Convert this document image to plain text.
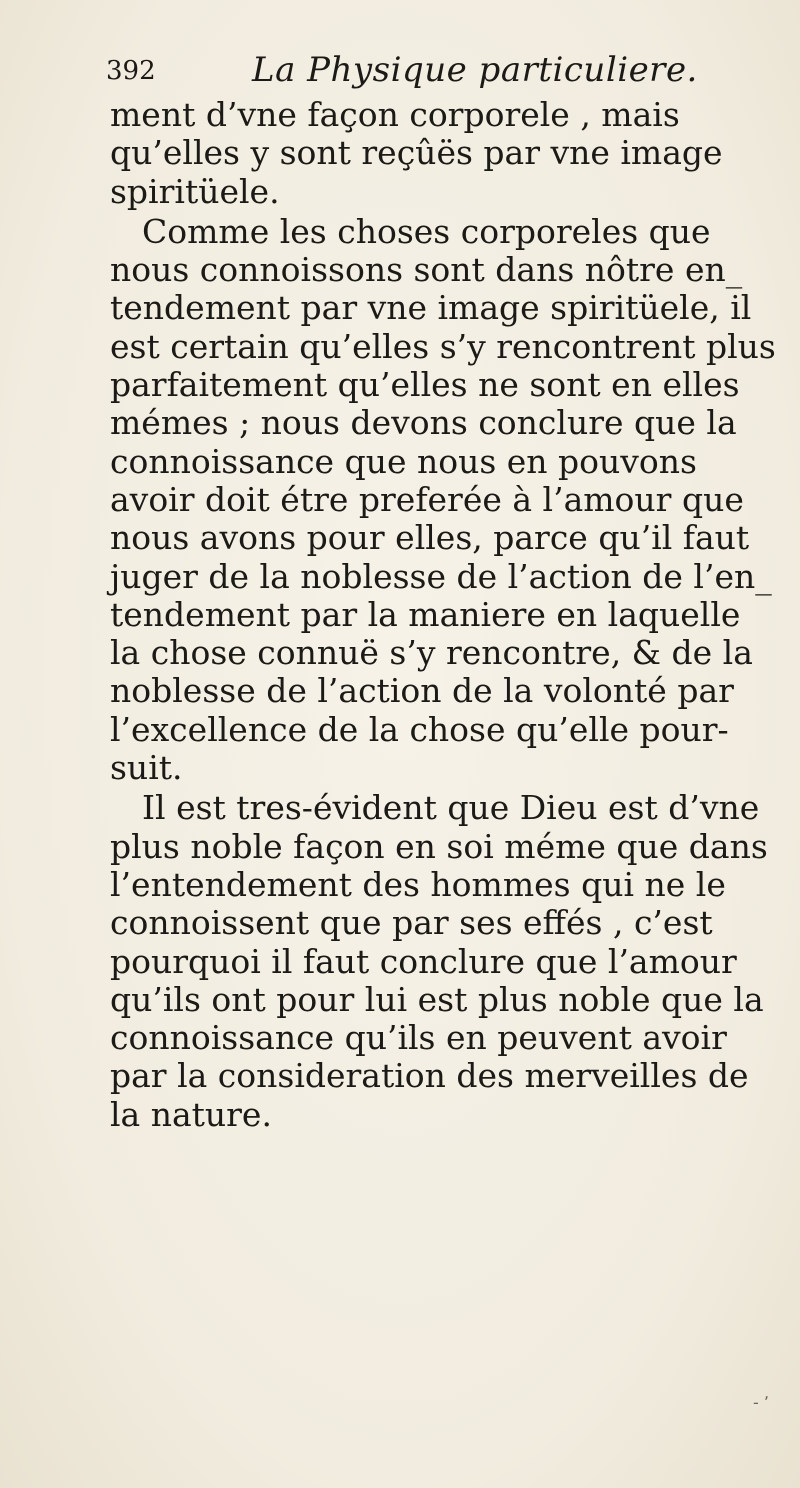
392	La Physique particuliere.

ment d’vne façon corporele , mais
qu’elles y sont reçûës par vne image
spiritüele.

Comme les choses corporeles que
nous connoissons sont dans nôtre en_
tendement par vne image spiritüele, il
est certain qu’elles s’y rencontrent plus
parfaitement qu’elles ne sont en elles
mémes ; nous devons conclure que la
connoissance que nous en pouvons
avoir doit étre preferée à l’amour que
nous avons pour elles, parce qu’il faut
juger de la noblesse de l’action de l’en_
tendement par la maniere en laquelle
la chose connuë s’y rencontre, & de la
noblesse de l’action de la volonté par
l’excellence de la chose qu’elle pour-
suit.

Il est tres-évident que Dieu est d’vne
plus noble façon en soi méme que dans
l’entendement des hommes qui ne le
connoissent que par ses effés , c’est
pourquoi il faut conclure que l’amour
qu’ils ont pour lui est plus noble que la
connoissance qu’ils en peuvent avoir
par la consideration des merveilles de
la nature.

- ʼ
